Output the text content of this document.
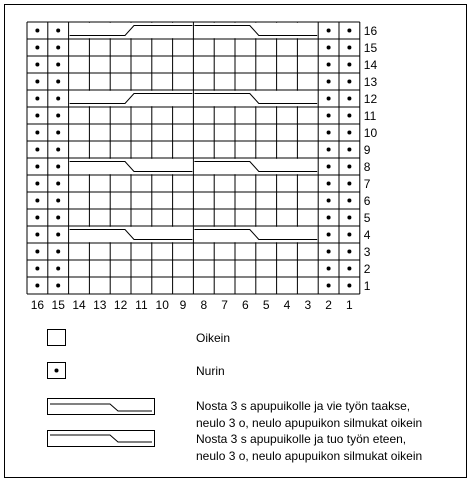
1
2
3
4
5
6
7
8
9
10
11
12
13
14
15
16
16 15 14 13 12 11 10 9 8 7 6 5 4 3 2 1
Oikein
Nurin
Nosta 3 s apupuikolle ja vie työn taakse,
neulo 3 o, neulo apupuikon silmukat oikein
Nosta 3 s apupuikolle ja tuo työn eteen,
neulo 3 o, neulo apupuikon silmukat oikein
